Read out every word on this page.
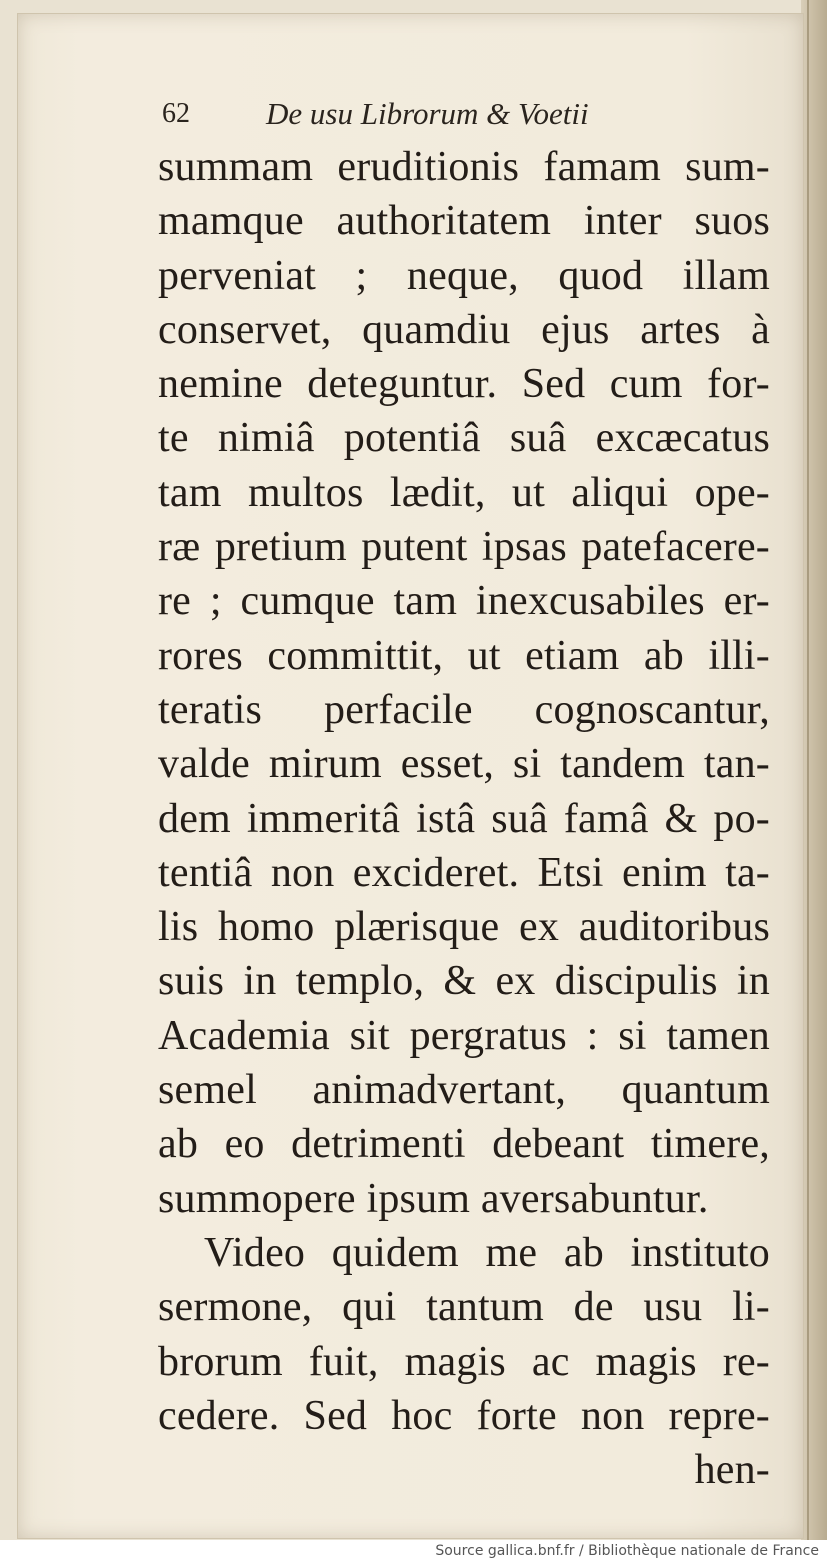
62 De usu Librorum & Voetii
summam eruditionis famam sum-
mamque authoritatem inter suos
perveniat ; neque, quod illam
conservet, quamdiu ejus artes à
nemine deteguntur. Sed cum for-
te nimiâ potentiâ suâ excæcatus
tam multos lædit, ut aliqui ope-
ræ pretium putent ipsas patefacere-
re ; cumque tam inexcusabiles er-
rores committit, ut etiam ab illi-
teratis perfacile cognoscantur,
valde mirum esset, si tandem tan-
dem immeritâ istâ suâ famâ & po-
tentiâ non excideret. Etsi enim ta-
lis homo plærisque ex auditoribus
suis in templo, & ex discipulis in
Academia sit pergratus : si tamen
semel animadvertant, quantum
ab eo detrimenti debeant timere,
summopere ipsum aversabuntur.
Video quidem me ab instituto
sermone, qui tantum de usu li-
brorum fuit, magis ac magis re-
cedere. Sed hoc forte non repre-
hen-
Source gallica.bnf.fr / Bibliothèque nationale de France
